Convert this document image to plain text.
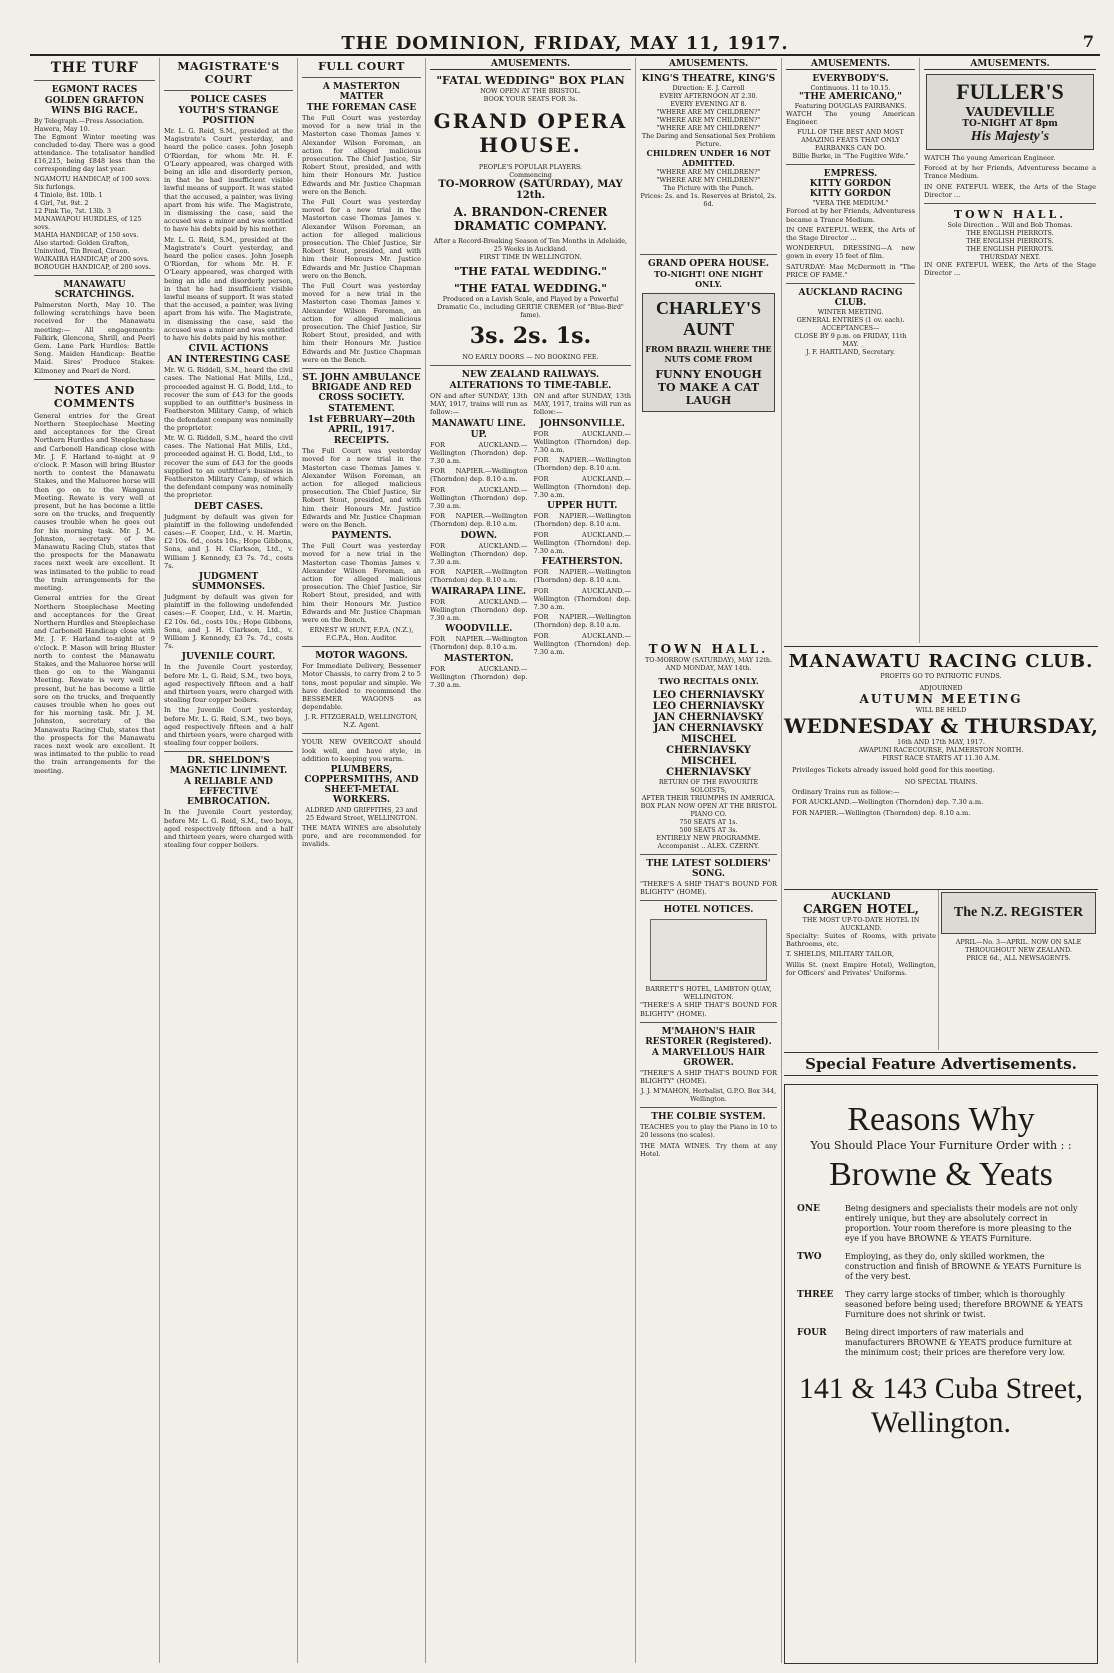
THE DOMINION, FRIDAY, MAY 11, 1917.	7
THE TURF
EGMONT RACES
GOLDEN GRAFTON WINS BIG RACE.
By Telegraph.—Press Association.
Hawera, May 10.
The Egmont Winter meeting was concluded to-day. There was a good attendance. The totalisator handled £16,215, being £848 less than the corresponding day last year.
NGAMOTU HANDICAP, of 100 sovs. Six furlongs.
4 Tiniolo, 8st. 10lb. 1
4 Girl, 7st. 9st. 2
12 Pink Tie, 7st. 13lb. 3
MANAWAPOU HURDLES, of 125 sovs.
MAHIA HANDICAP, of 150 sovs.
Also started: Golden Grafton, Uninvited, Tin Bread, Ciraon.
WAIKAIRA HANDICAP, of 200 sovs.
BOROUGH HANDICAP, of 200 sovs.
MANAWATU SCRATCHINGS.
Palmerston North, May 10. The following scratchings have been received for the Manawatu meeting:— All engagements: Falkirk, Glencona, Shrill, and Peerl Gem. Lane Park Hurdles: Battle Song. Maiden Handicap: Beattie Maid. Sires' Produce Stakes: Kilmoney and Pearl de Nord.
NOTES AND COMMENTS
General entries for the Great Northern Steeplechase Meeting and acceptances for the Great Northern Hurdles and Steeplechase and Carbonell Handicap close with Mr. J. F. Harland to-night at 9 o'clock. P. Mason will bring Bluster north to contest the Manawatu Stakes, and the Maluoree horse will then go on to the Wanganui Meeting. Rewate is very well at present, but he has become a little sore on the trucks, and frequently causes trouble when he goes out for his morning task. Mr. J. M. Johnston, secretary of the Manawatu Racing Club, states that the prospects for the Manawatu races next week are excellent. It was intimated to the public to read the train arrangements for the meeting.
General entries for the Great Northern Steeplechase Meeting and acceptances for the Great Northern Hurdles and Steeplechase and Carbonell Handicap close with Mr. J. F. Harland to-night at 9 o'clock. P. Mason will bring Bluster north to contest the Manawatu Stakes, and the Maluoree horse will then go on to the Wanganui Meeting. Rewate is very well at present, but he has become a little sore on the trucks, and frequently causes trouble when he goes out for his morning task. Mr. J. M. Johnston, secretary of the Manawatu Racing Club, states that the prospects for the Manawatu races next week are excellent. It was intimated to the public to read the train arrangements for the meeting.
MAGISTRATE'S COURT
POLICE CASES
YOUTH'S STRANGE POSITION
Mr. L. G. Reid, S.M., presided at the Magistrate's Court yesterday, and heard the police cases. John Joseph O'Riordan, for whom Mr. H. F. O'Leary appeared, was charged with being an idle and disorderly person, in that he had insufficient visible lawful means of support. It was stated that the accused, a painter, was living apart from his wife. The Magistrate, in dismissing the case, said the accused was a minor and was entitled to have his debts paid by his mother.
Mr. L. G. Reid, S.M., presided at the Magistrate's Court yesterday, and heard the police cases. John Joseph O'Riordan, for whom Mr. H. F. O'Leary appeared, was charged with being an idle and disorderly person, in that he had insufficient visible lawful means of support. It was stated that the accused, a painter, was living apart from his wife. The Magistrate, in dismissing the case, said the accused was a minor and was entitled to have his debts paid by his mother.
CIVIL ACTIONS
AN INTERESTING CASE
Mr. W. G. Riddell, S.M., heard the civil cases. The National Hat Mills, Ltd., proceeded against H. G. Bodd, Ltd., to recover the sum of £43 for the goods supplied to an outfitter's business in Featherston Military Camp, of which the defendant company was nominally the proprietor.
Mr. W. G. Riddell, S.M., heard the civil cases. The National Hat Mills, Ltd., proceeded against H. G. Bodd, Ltd., to recover the sum of £43 for the goods supplied to an outfitter's business in Featherston Military Camp, of which the defendant company was nominally the proprietor.
DEBT CASES.
Judgment by default was given for plaintiff in the following undefended cases:—F. Cooper, Ltd., v. H. Martin, £2 10s. 6d., costs 10s.; Hope Gibbons, Sons, and J. H. Clarkson, Ltd., v. William J. Kennedy, £3 7s. 7d., costs 7s.
JUDGMENT SUMMONSES.
Judgment by default was given for plaintiff in the following undefended cases:—F. Cooper, Ltd., v. H. Martin, £2 10s. 6d., costs 10s.; Hope Gibbons, Sons, and J. H. Clarkson, Ltd., v. William J. Kennedy, £3 7s. 7d., costs 7s.
JUVENILE COURT.
In the Juvenile Court yesterday, before Mr. L. G. Reid, S.M., two boys, aged respectively fifteen and a half and thirteen years, were charged with stealing four copper boilers.
In the Juvenile Court yesterday, before Mr. L. G. Reid, S.M., two boys, aged respectively fifteen and a half and thirteen years, were charged with stealing four copper boilers.
DR. SHELDON'S MAGNETIC LINIMENT.
A RELIABLE AND EFFECTIVE EMBROCATION.
In the Juvenile Court yesterday, before Mr. L. G. Reid, S.M., two boys, aged respectively fifteen and a half and thirteen years, were charged with stealing four copper boilers.
FULL COURT
A MASTERTON MATTER
THE FOREMAN CASE
The Full Court was yesterday moved for a new trial in the Masterton case Thomas James v. Alexander Wilson Foreman, an action for alleged malicious prosecution. The Chief Justice, Sir Robert Stout, presided, and with him their Honours Mr. Justice Edwards and Mr. Justice Chapman were on the Bench.
The Full Court was yesterday moved for a new trial in the Masterton case Thomas James v. Alexander Wilson Foreman, an action for alleged malicious prosecution. The Chief Justice, Sir Robert Stout, presided, and with him their Honours Mr. Justice Edwards and Mr. Justice Chapman were on the Bench.
The Full Court was yesterday moved for a new trial in the Masterton case Thomas James v. Alexander Wilson Foreman, an action for alleged malicious prosecution. The Chief Justice, Sir Robert Stout, presided, and with him their Honours Mr. Justice Edwards and Mr. Justice Chapman were on the Bench.
ST. JOHN AMBULANCE BRIGADE AND RED CROSS SOCIETY.
STATEMENT.
1st FEBRUARY—20th APRIL, 1917.
RECEIPTS.
The Full Court was yesterday moved for a new trial in the Masterton case Thomas James v. Alexander Wilson Foreman, an action for alleged malicious prosecution. The Chief Justice, Sir Robert Stout, presided, and with him their Honours Mr. Justice Edwards and Mr. Justice Chapman were on the Bench.
PAYMENTS.
The Full Court was yesterday moved for a new trial in the Masterton case Thomas James v. Alexander Wilson Foreman, an action for alleged malicious prosecution. The Chief Justice, Sir Robert Stout, presided, and with him their Honours Mr. Justice Edwards and Mr. Justice Chapman were on the Bench.
ERNEST W. HUNT, F.P.A. (N.Z.), F.C.P.A., Hon. Auditor.
MOTOR WAGONS.
For Immediate Delivery, Bessemer Motor Chassis, to carry from 2 to 5 tons, most popular and simple. We have decided to recommend the BESSEMER WAGONS as dependable.
J. R. FITZGERALD, WELLINGTON, N.Z. Agent.
YOUR NEW OVERCOAT should look well, and have style, in addition to keeping you warm.
PLUMBERS, COPPERSMITHS, AND SHEET-METAL WORKERS.
ALDRED AND GRIFFITHS, 23 and 25 Edward Street, WELLINGTON.
THE MATA WINES are absolutely pure, and are recommended for invalids.
AMUSEMENTS.
"FATAL WEDDING" BOX PLAN
NOW OPEN AT THE BRISTOL.
BOOK YOUR SEATS FOR 3s.
GRAND OPERA HOUSE.
PEOPLE'S POPULAR PLAYERS.
Commencing
TO-MORROW (SATURDAY), MAY 12th.
A. BRANDON-CRENER DRAMATIC COMPANY.
After a Record-Breaking Season of Ten Months in Adelaide, 25 Weeks in Auckland.
FIRST TIME IN WELLINGTON.
"THE FATAL WEDDING."
"THE FATAL WEDDING."
Produced on a Lavish Scale, and Played by a Powerful Dramatic Co., including GERTIE CREMER (of "Blue-Bird" fame).
3s. 2s. 1s.
NO EARLY DOORS — NO BOOKING FEE.
NEW ZEALAND RAILWAYS.
ALTERATIONS TO TIME-TABLE.
ON and after SUNDAY, 13th MAY, 1917, trains will run as follow:—
MANAWATU LINE.
UP.
FOR AUCKLAND.—Wellington (Thorndon) dep. 7.30 a.m.
FOR NAPIER.—Wellington (Thorndon) dep. 8.10 a.m.
FOR AUCKLAND.—Wellington (Thorndon) dep. 7.30 a.m.
FOR NAPIER.—Wellington (Thorndon) dep. 8.10 a.m.
DOWN.
FOR AUCKLAND.—Wellington (Thorndon) dep. 7.30 a.m.
FOR NAPIER.—Wellington (Thorndon) dep. 8.10 a.m.
WAIRARAPA LINE.
FOR AUCKLAND.—Wellington (Thorndon) dep. 7.30 a.m.
WOODVILLE.
FOR NAPIER.—Wellington (Thorndon) dep. 8.10 a.m.
MASTERTON.
FOR AUCKLAND.—Wellington (Thorndon) dep. 7.30 a.m.
ON and after SUNDAY, 13th MAY, 1917, trains will run as follow:—
JOHNSONVILLE.
FOR AUCKLAND.—Wellington (Thorndon) dep. 7.30 a.m.
FOR NAPIER.—Wellington (Thorndon) dep. 8.10 a.m.
FOR AUCKLAND.—Wellington (Thorndon) dep. 7.30 a.m.
UPPER HUTT.
FOR NAPIER.—Wellington (Thorndon) dep. 8.10 a.m.
FOR AUCKLAND.—Wellington (Thorndon) dep. 7.30 a.m.
FEATHERSTON.
FOR NAPIER.—Wellington (Thorndon) dep. 8.10 a.m.
FOR AUCKLAND.—Wellington (Thorndon) dep. 7.30 a.m.
FOR NAPIER.—Wellington (Thorndon) dep. 8.10 a.m.
FOR AUCKLAND.—Wellington (Thorndon) dep. 7.30 a.m.
AMUSEMENTS.
KING'S THEATRE, KING'S
Direction: E. J. Carroll
EVERY AFTERNOON AT 2.30.
EVERY EVENING AT 8.
"WHERE ARE MY CHILDREN?"
"WHERE ARE MY CHILDREN?"
"WHERE ARE MY CHILDREN?"
The Daring and Sensational Sex Problem Picture.
CHILDREN UNDER 16 NOT ADMITTED.
"WHERE ARE MY CHILDREN?"
"WHERE ARE MY CHILDREN?"
The Picture with the Punch.
Prices: 2s. and 1s. Reserves at Bristol, 2s. 6d.
GRAND OPERA HOUSE.
TO-NIGHT! ONE NIGHT ONLY.
CHARLEY'S AUNT
FROM BRAZIL WHERE THE NUTS COME FROM
FUNNY ENOUGH TO MAKE A CAT LAUGH
TOWN HALL.
TO-MORROW (SATURDAY), MAY 12th.
AND MONDAY, MAY 14th.
TWO RECITALS ONLY.
LEO CHERNIAVSKY
LEO CHERNIAVSKY
JAN CHERNIAVSKY
JAN CHERNIAVSKY
MISCHEL CHERNIAVSKY
MISCHEL CHERNIAVSKY
RETURN OF THE FAVOURITE SOLOISTS,
AFTER THEIR TRIUMPHS IN AMERICA.
BOX PLAN NOW OPEN AT THE BRISTOL PIANO CO.
750 SEATS AT 1s.
500 SEATS AT 3s.
ENTIRELY NEW PROGRAMME.
Accompanist .. ALEX. CZERNY.
THE LATEST SOLDIERS' SONG.
"THERE'S A SHIP THAT'S BOUND FOR BLIGHTY" (HOME).
HOTEL NOTICES.
BARRETT'S HOTEL, LAMBTON QUAY, WELLINGTON.
"THERE'S A SHIP THAT'S BOUND FOR BLIGHTY" (HOME).
M'MAHON'S HAIR RESTORER (Registered).
A MARVELLOUS HAIR GROWER.
"THERE'S A SHIP THAT'S BOUND FOR BLIGHTY" (HOME).
J. J. M'MAHON, Herbalist, G.P.O. Box 344, Wellington.
THE COLBIE SYSTEM.
TEACHES you to play the Piano in 10 to 20 lessons (no scales).
THE MATA WINES. Try them at any Hotel.
AMUSEMENTS.
EVERYBODY'S.
Continuous. 11 to 10.15.
"THE AMERICANO,"
Featuring DOUGLAS FAIRBANKS.
WATCH The young American Engineer.
FULL OF THE BEST AND MOST AMAZING FEATS THAT ONLY FAIRBANKS CAN DO.
Billie Burke, in "The Fugitive Wife."
EMPRESS.
KITTY GORDON
KITTY GORDON
"VERA THE MEDIUM."
Forced at by her Friends, Adventuress became a Trance Medium.
IN ONE FATEFUL WEEK, the Arts of the Stage Director ...
WONDERFUL DRESSING—A new gown in every 15 feet of film.
SATURDAY: Mae McDermott in "The PRICE OF FAME."
AUCKLAND RACING CLUB.
WINTER MEETING.
GENERAL ENTRIES (1 ov. each).
ACCEPTANCES—
CLOSE BY 9 p.m. on FRIDAY, 11th MAY.
J. F. HARTLAND, Secretary.
AMUSEMENTS.
FULLER'S
VAUDEVILLE
TO-NIGHT AT 8pm
His Majesty's
WATCH The young American Engineer.
Forced at by her Friends, Adventuress became a Trance Medium.
IN ONE FATEFUL WEEK, the Arts of the Stage Director ...
TOWN HALL.
Sole Direction .. Will and Bob Thomas.
THE ENGLISH PIERROTS.
THE ENGLISH PIERROTS.
THE ENGLISH PIERROTS.
THURSDAY NEXT.
IN ONE FATEFUL WEEK, the Arts of the Stage Director ...
MANAWATU RACING CLUB.
PROFITS GO TO PATRIOTIC FUNDS.
ADJOURNED
AUTUMN MEETING
WILL BE HELD
WEDNESDAY & THURSDAY,
16th AND 17th MAY, 1917.
AWAPUNI RACECOURSE, PALMERSTON NORTH.
FIRST RACE STARTS AT 11.30 A.M.
Privileges Tickets already issued hold good for this meeting.
NO SPECIAL TRAINS.
Ordinary Trains run as follow:—
FOR AUCKLAND.—Wellington (Thorndon) dep. 7.30 a.m.
FOR NAPIER.—Wellington (Thorndon) dep. 8.10 a.m.
AUCKLAND
CARGEN HOTEL,
THE MOST UP-TO-DATE HOTEL IN AUCKLAND.
Specialty: Suites of Rooms, with private Bathrooms, etc.
T. SHIELDS, MILITARY TAILOR,
Willis St. (next Empire Hotel), Wellington, for Officers' and Privates' Uniforms.
The N.Z. REGISTER
APRIL—No. 3—APRIL. NOW ON SALE THROUGHOUT NEW ZEALAND.
PRICE 6d., ALL NEWSAGENTS.
Special Feature Advertisements.
Reasons Why
You Should Place Your Furniture Order with : :
Browne & Yeats
ONE	Being designers and specialists their models are not only entirely unique, but they are absolutely correct in proportion. Your room therefore is more pleasing to the eye if you have BROWNE & YEATS Furniture.
TWO	Employing, as they do, only skilled workmen, the construction and finish of BROWNE & YEATS Furniture is of the very best.
THREE	They carry large stocks of timber, which is thoroughly seasoned before being used; therefore BROWNE & YEATS Furniture does not shrink or twist.
FOUR	Being direct importers of raw materials and manufacturers BROWNE & YEATS produce furniture at the minimum cost; their prices are therefore very low.
141 & 143 Cuba Street,
Wellington.
